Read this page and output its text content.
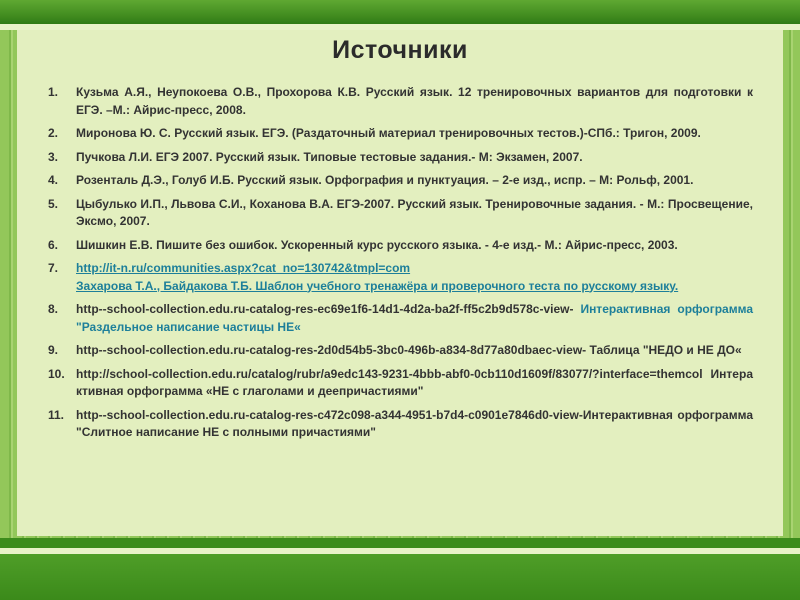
Источники
1. Кузьма А.Я., Неупокоева О.В., Прохорова К.В. Русский язык. 12 тренировочных вариантов для подготовки к ЕГЭ. –М.: Айрис-пресс, 2008.
2. Миронова Ю. С. Русский язык. ЕГЭ. (Раздаточный материал тренировочных тестов.)-СПб.: Тригон, 2009.
3. Пучкова Л.И. ЕГЭ 2007. Русский язык. Типовые тестовые задания.- М: Экзамен, 2007.
4. Розенталь Д.Э., Голуб И.Б. Русский язык. Орфография и пунктуация. – 2-е изд., испр. – М: Рольф, 2001.
5. Цыбулько И.П., Львова С.И., Коханова В.А. ЕГЭ-2007. Русский язык. Тренировочные задания. - М.: Просвещение, Эксмо, 2007.
6. Шишкин Е.В. Пишите без ошибок. Ускоренный курс русского языка. - 4-е изд.- М.: Айрис-пресс, 2003.
7. http://it-n.ru/communities.aspx?cat_no=130742&tmpl=com
Захарова Т.А., Байдакова Т.Б. Шаблон учебного тренажёра и проверочного теста по русскому языку.
8. http--school-collection.edu.ru-catalog-res-ec69e1f6-14d1-4d2a-ba2f-ff5c2b9d578c-view- Интерактивная орфограмма "Раздельное написание частицы НЕ«
9. http--school-collection.edu.ru-catalog-res-2d0d54b5-3bc0-496b-a834-8d77a80dbaec-view- Таблица "НЕДО и НЕ ДО«
10. http://school-collection.edu.ru/catalog/rubr/a9edc143-9231-4bbb-abf0-0cb110d1609f/83077/?interface=themcol Интерактивная орфограмма «НЕ с глаголами и деепричастиями"
11. http--school-collection.edu.ru-catalog-res-c472c098-a344-4951-b7d4-c0901e7846d0-view-Интерактивная орфограмма "Слитное написание НЕ с полными причастиями"
